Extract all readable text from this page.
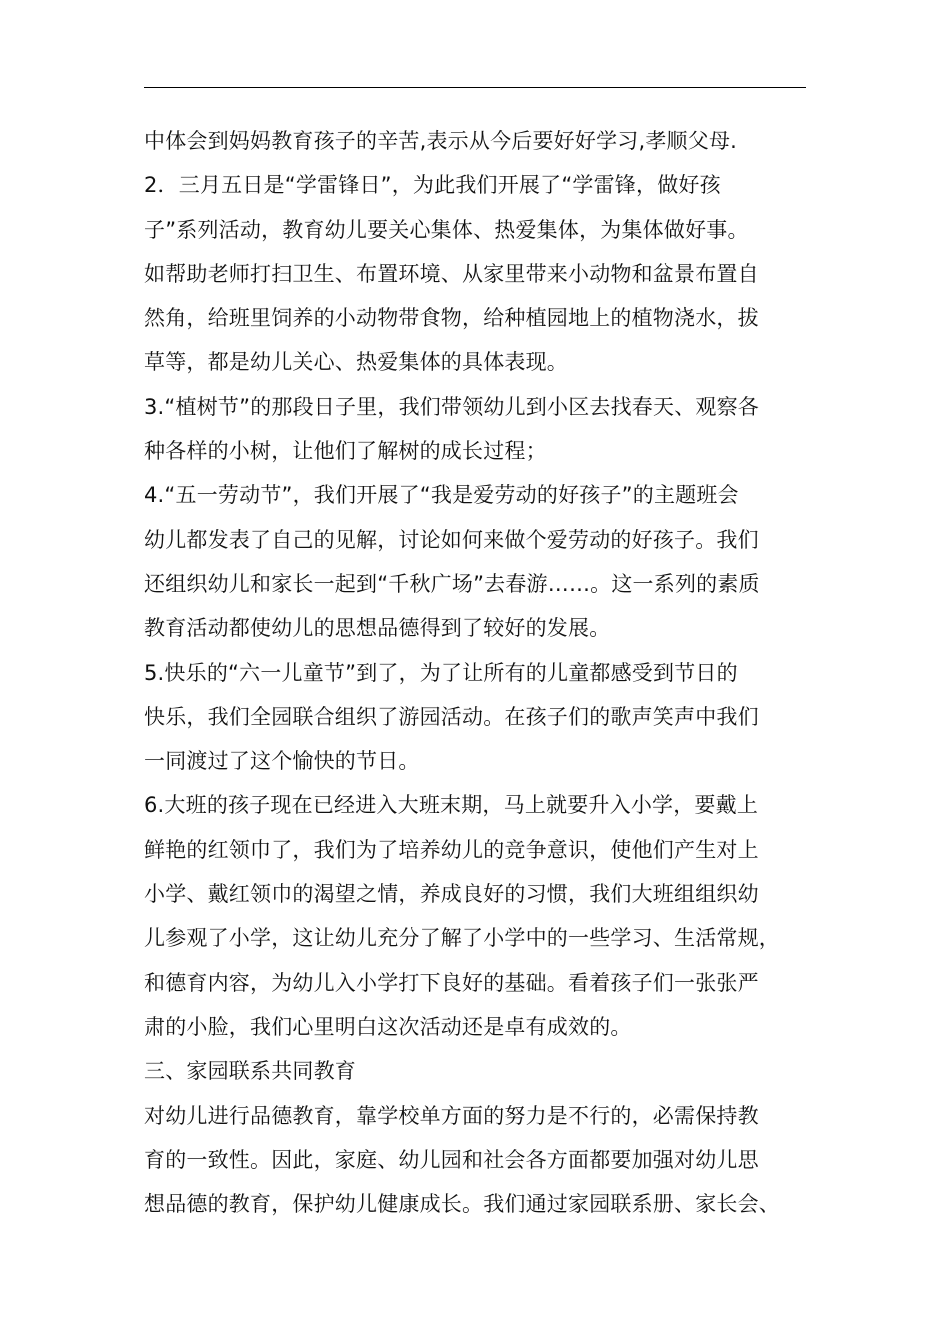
中体会到妈妈教育孩子的辛苦,表示从今后要好好学习,孝顺父母.
2．三月五日是“学雷锋日”，为此我们开展了“学雷锋，做好孩
子”系列活动，教育幼儿要关心集体、热爱集体，为集体做好事。
如帮助老师打扫卫生、布置环境、从家里带来小动物和盆景布置自
然角，给班里饲养的小动物带食物，给种植园地上的植物浇水，拔
草等，都是幼儿关心、热爱集体的具体表现。
3.“植树节”的那段日子里，我们带领幼儿到小区去找春天、观察各
种各样的小树，让他们了解树的成长过程；
4.“五一劳动节”，我们开展了“我是爱劳动的好孩子”的主题班会
幼儿都发表了自己的见解，讨论如何来做个爱劳动的好孩子。我们
还组织幼儿和家长一起到“千秋广场”去春游……。这一系列的素质
教育活动都使幼儿的思想品德得到了较好的发展。
5.快乐的“六一儿童节”到了，为了让所有的儿童都感受到节日的
快乐，我们全园联合组织了游园活动。在孩子们的歌声笑声中我们
一同渡过了这个愉快的节日。
6.大班的孩子现在已经进入大班末期，马上就要升入小学，要戴上
鲜艳的红领巾了，我们为了培养幼儿的竞争意识，使他们产生对上
小学、戴红领巾的渴望之情，养成良好的习惯，我们大班组组织幼
儿参观了小学，这让幼儿充分了解了小学中的一些学习、生活常规，
和德育内容，为幼儿入小学打下良好的基础。看着孩子们一张张严
肃的小脸，我们心里明白这次活动还是卓有成效的。
三、家园联系共同教育
对幼儿进行品德教育，靠学校单方面的努力是不行的，必需保持教
育的一致性。因此，家庭、幼儿园和社会各方面都要加强对幼儿思
想品德的教育，保护幼儿健康成长。我们通过家园联系册、家长会、
